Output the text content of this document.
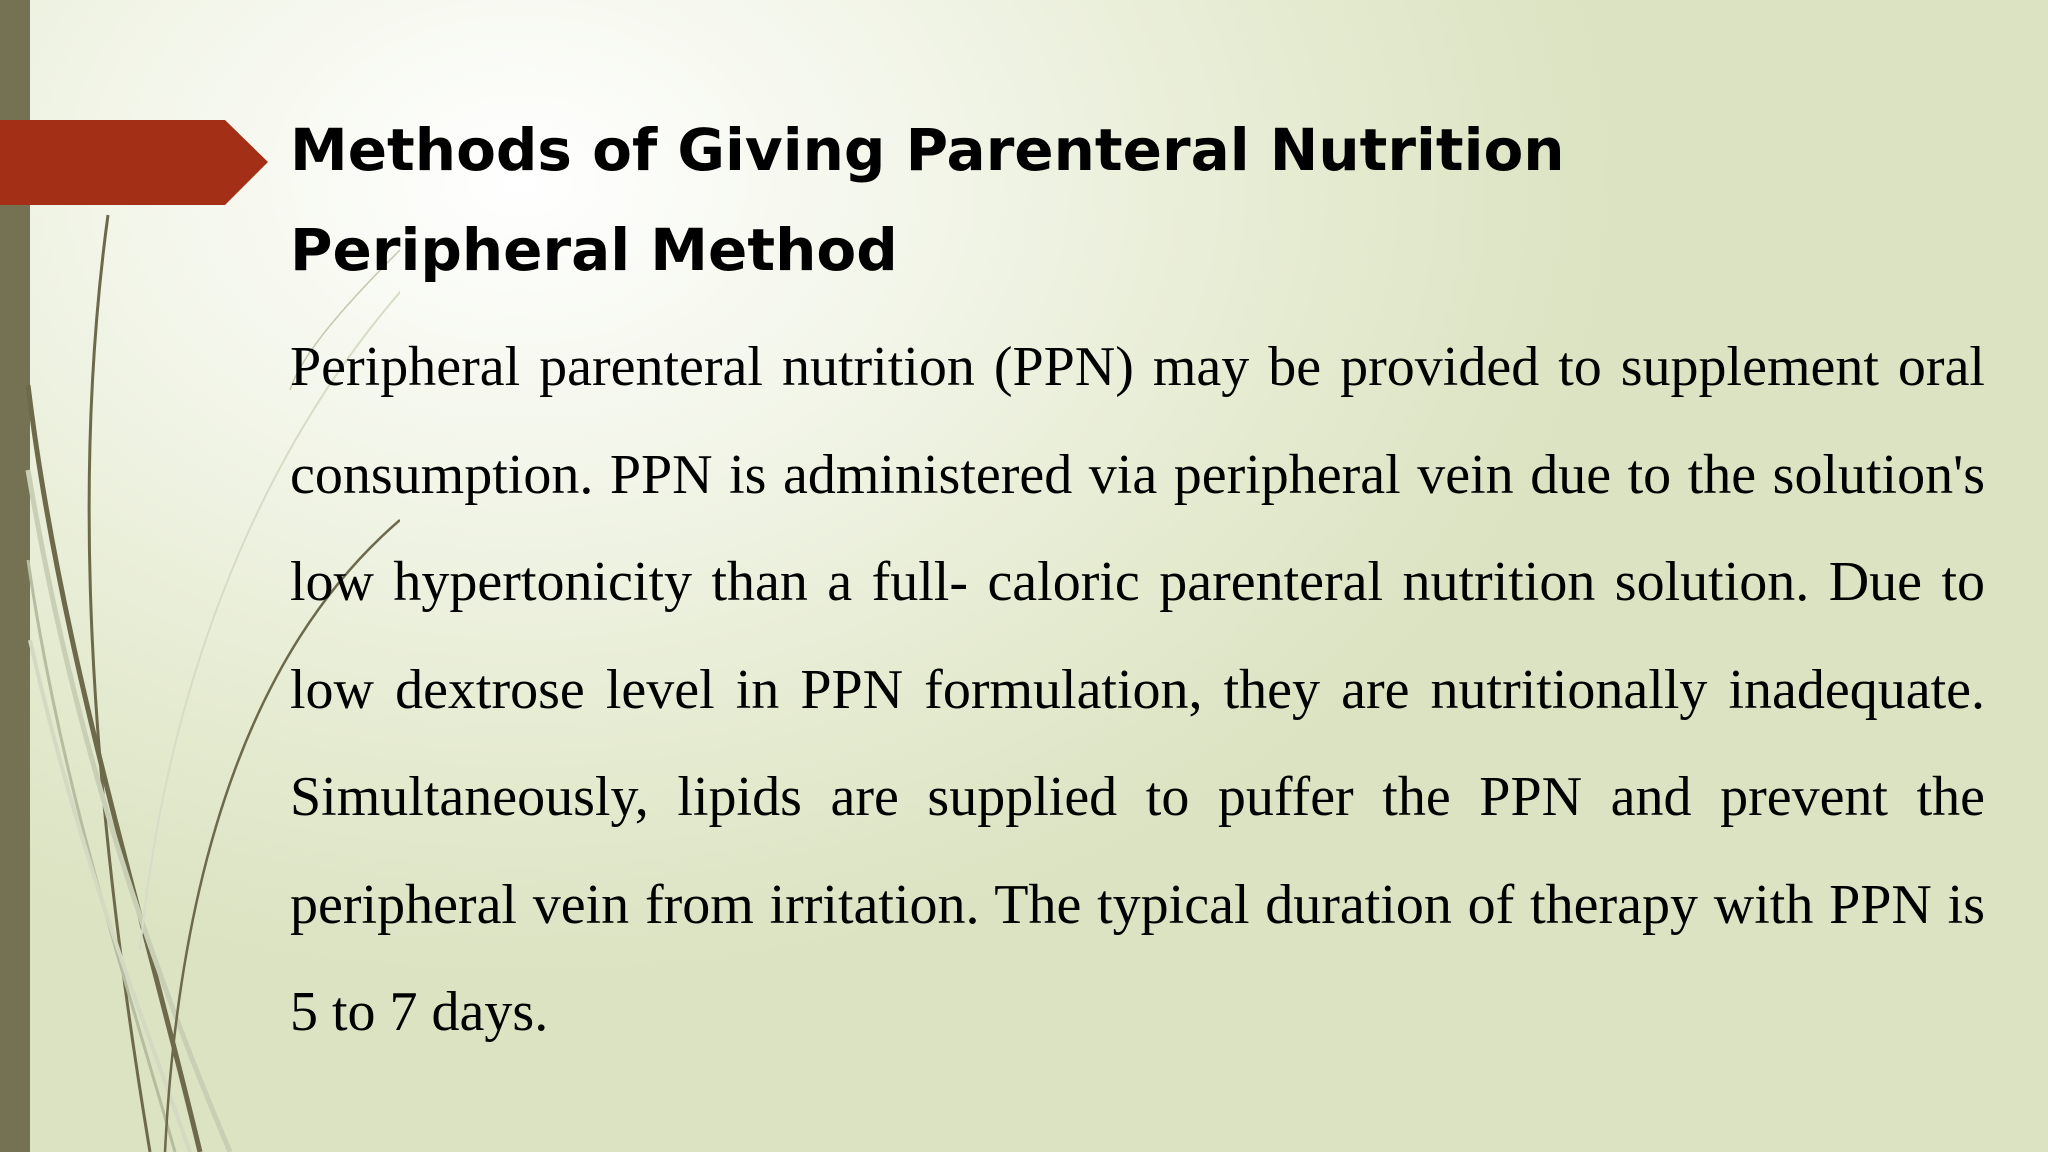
Methods of Giving Parenteral Nutrition
Peripheral Method

Peripheral parenteral nutrition (PPN) may be provided to supplement oral consumption. PPN is administered via peripheral vein due to the solution's low hypertonicity than a full- caloric parenteral nutrition solution. Due to low dextrose level in PPN formulation, they are nutritionally inadequate. Simultaneously, lipids are supplied to puffer the PPN and prevent the peripheral vein from irritation. The typical duration of therapy with PPN is 5 to 7 days.
